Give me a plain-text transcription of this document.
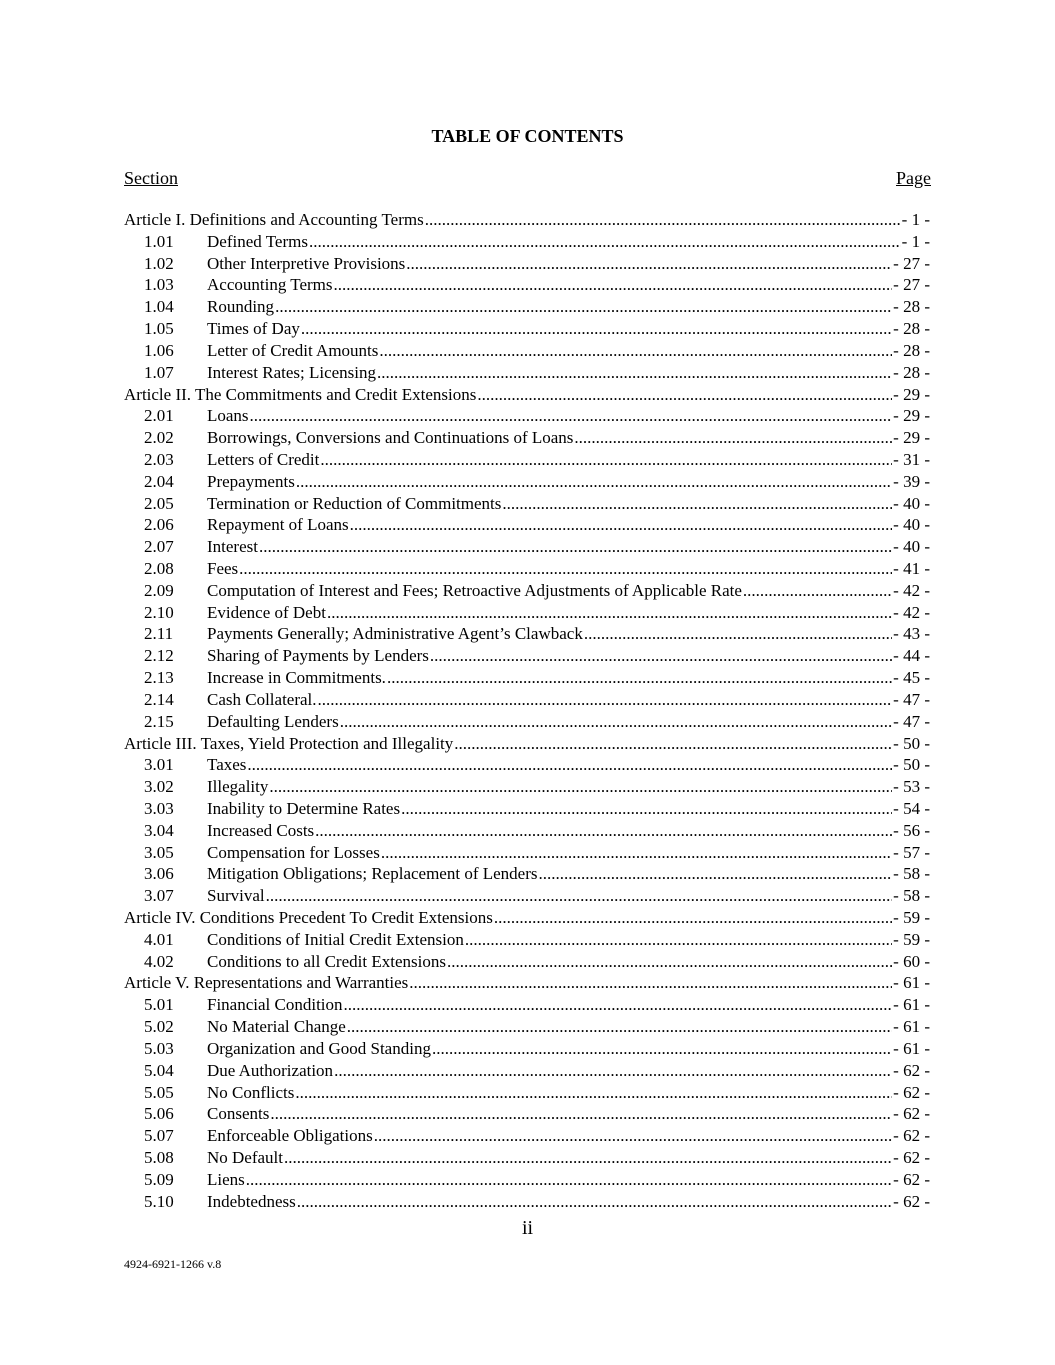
TABLE OF CONTENTS
Section	Page
Article I. Definitions and Accounting Terms .....	- 1 -
1.01	Defined Terms .....	- 1 -
1.02	Other Interpretive Provisions .....	- 27 -
1.03	Accounting Terms .....	- 27 -
1.04	Rounding .....	- 28 -
1.05	Times of Day .....	- 28 -
1.06	Letter of Credit Amounts .....	- 28 -
1.07	Interest Rates; Licensing .....	- 28 -
Article II. The Commitments and Credit Extensions .....	- 29 -
2.01	Loans .....	- 29 -
2.02	Borrowings, Conversions and Continuations of Loans .....	- 29 -
2.03	Letters of Credit .....	- 31 -
2.04	Prepayments .....	- 39 -
2.05	Termination or Reduction of Commitments .....	- 40 -
2.06	Repayment of Loans .....	- 40 -
2.07	Interest .....	- 40 -
2.08	Fees .....	- 41 -
2.09	Computation of Interest and Fees; Retroactive Adjustments of Applicable Rate .....	- 42 -
2.10	Evidence of Debt .....	- 42 -
2.11	Payments Generally; Administrative Agent’s Clawback .....	- 43 -
2.12	Sharing of Payments by Lenders .....	- 44 -
2.13	Increase in Commitments. .....	- 45 -
2.14	Cash Collateral. .....	- 47 -
2.15	Defaulting Lenders .....	- 47 -
Article III. Taxes, Yield Protection and Illegality .....	- 50 -
3.01	Taxes .....	- 50 -
3.02	Illegality .....	- 53 -
3.03	Inability to Determine Rates .....	- 54 -
3.04	Increased Costs .....	- 56 -
3.05	Compensation for Losses .....	- 57 -
3.06	Mitigation Obligations; Replacement of Lenders .....	- 58 -
3.07	Survival .....	- 58 -
Article IV. Conditions Precedent To Credit Extensions .....	- 59 -
4.01	Conditions of Initial Credit Extension .....	- 59 -
4.02	Conditions to all Credit Extensions .....	- 60 -
Article V. Representations and Warranties .....	- 61 -
5.01	Financial Condition .....	- 61 -
5.02	No Material Change .....	- 61 -
5.03	Organization and Good Standing .....	- 61 -
5.04	Due Authorization .....	- 62 -
5.05	No Conflicts .....	- 62 -
5.06	Consents .....	- 62 -
5.07	Enforceable Obligations .....	- 62 -
5.08	No Default .....	- 62 -
5.09	Liens .....	- 62 -
5.10	Indebtedness .....	- 62 -
ii
4924-6921-1266 v.8
